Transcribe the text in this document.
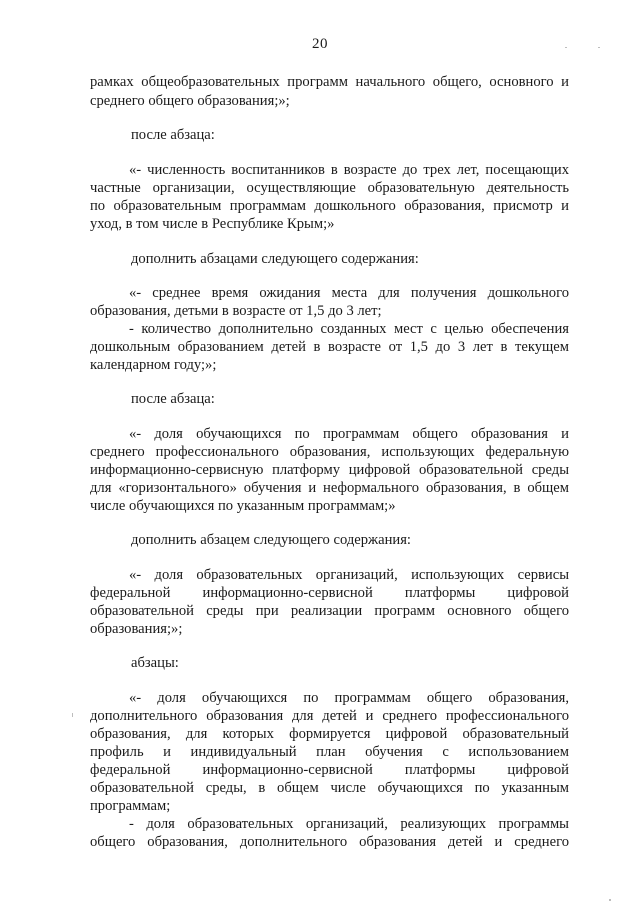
20
рамках общеобразовательных программ начального общего, основного и
среднего общего образования;»;
после абзаца:
«- численность воспитанников в возрасте до трех лет, посещающих
частные организации, осуществляющие образовательную деятельность
по образовательным программам дошкольного образования, присмотр и
уход, в том числе в Республике Крым;»
дополнить абзацами следующего содержания:
«- среднее время ожидания места для получения дошкольного
образования, детьми в возрасте от 1,5 до 3 лет;
- количество дополнительно созданных мест с целью обеспечения
дошкольным образованием детей в возрасте от 1,5 до 3 лет в текущем
календарном году;»;
после абзаца:
«- доля обучающихся по программам общего образования и
среднего профессионального образования, использующих федеральную
информационно-сервисную платформу цифровой образовательной среды
для «горизонтального» обучения и неформального образования, в общем
числе обучающихся по указанным программам;»
дополнить абзацем следующего содержания:
«- доля образовательных организаций, использующих сервисы
федеральной информационно-сервисной платформы цифровой
образовательной среды при реализации программ основного общего
образования;»;
абзацы:
«- доля обучающихся по программам общего образования,
дополнительного образования для детей и среднего профессионального
образования, для которых формируется цифровой образовательный
профиль и индивидуальный план обучения с использованием
федеральной информационно-сервисной платформы цифровой
образовательной среды, в общем числе обучающихся по указанным
программам;
- доля образовательных организаций, реализующих программы
общего образования, дополнительного образования детей и среднего
